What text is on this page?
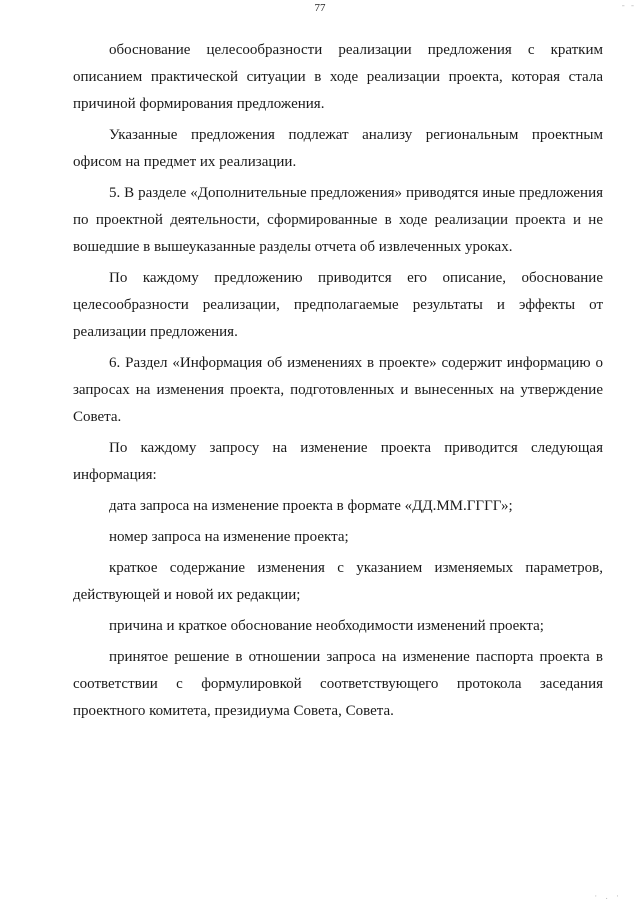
77	- -

обоснование целесообразности реализации предложения с кратким описанием практической ситуации в ходе реализации проекта, которая стала причиной формирования предложения.

Указанные предложения подлежат анализу региональным проектным офисом на предмет их реализации.

5. В разделе «Дополнительные предложения» приводятся иные предложения по проектной деятельности, сформированные в ходе реализации проекта и не вошедшие в вышеуказанные разделы отчета об извлеченных уроках.

По каждому предложению приводится его описание, обоснование целесообразности реализации, предполагаемые результаты и эффекты от реализации предложения.

6. Раздел «Информация об изменениях в проекте» содержит информацию о запросах на изменения проекта, подготовленных и вынесенных на утверждение Совета.

По каждому запросу на изменение проекта приводится следующая информация:

дата запроса на изменение проекта в формате «ДД.ММ.ГГГГ»;

номер запроса на изменение проекта;

краткое содержание изменения с указанием изменяемых параметров, действующей и новой их редакции;

причина и краткое обоснование необходимости изменений проекта;

принятое решение в отношении запроса на изменение паспорта проекта в соответствии с формулировкой соответствующего протокола заседания проектного комитета, президиума Совета, Совета.

· . ·
